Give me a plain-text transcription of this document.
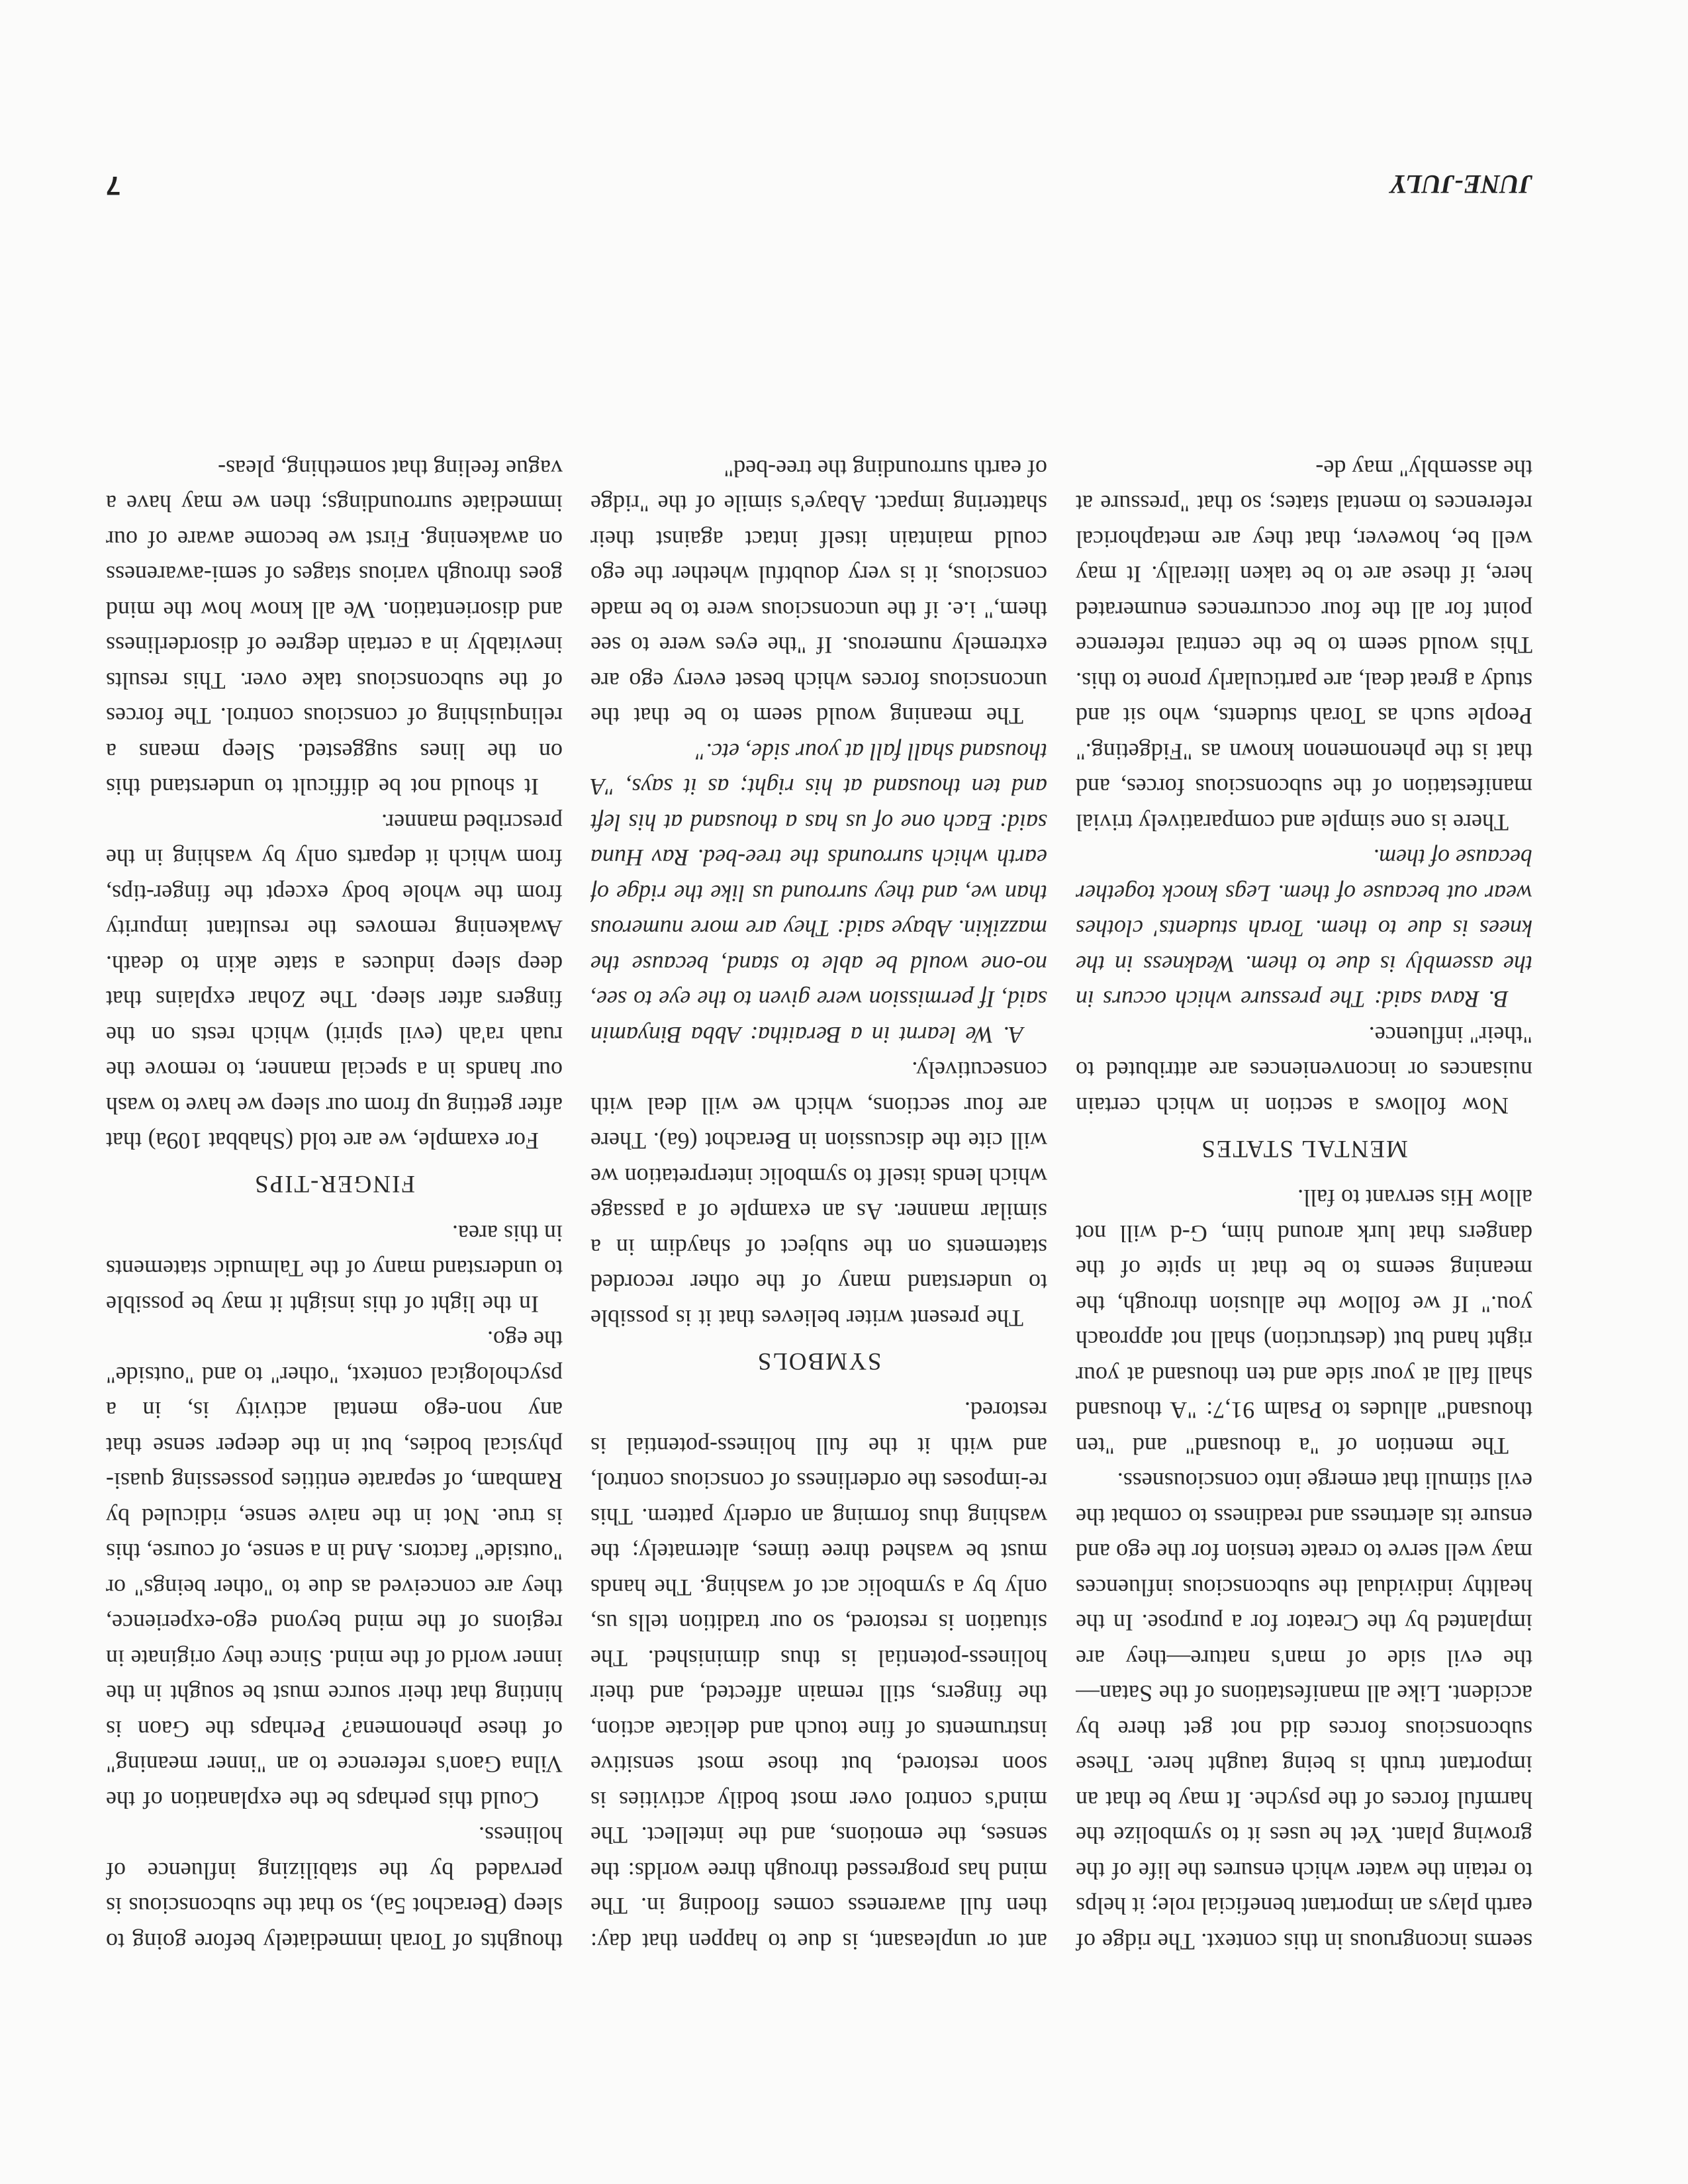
seems incongruous in this context. The ridge of earth plays an important beneficial role; it helps to retain the water which ensures the life of the growing plant. Yet he uses it to symbolize the harmful forces of the psyche. It may be that an important truth is being taught here. These subconscious forces did not get there by accident. Like all manifestations of the Satan—the evil side of man's nature—they are implanted by the Creator for a purpose. In the healthy individual the subconscious influences may well serve to create tension for the ego and ensure its alertness and readiness to combat the evil stimuli that emerge into consciousness.

The mention of "a thousand" and "ten thousand" alludes to Psalm 91,7: "A thousand shall fall at your side and ten thousand at your right hand but (destruction) shall not approach you." If we follow the allusion through, the meaning seems to be that in spite of the dangers that lurk around him, G-d will not allow His servant to fall.

MENTAL STATES

Now follows a section in which certain nuisances or inconveniences are attributed to "their" influence.

B. Rava said: The pressure which occurs in the assembly is due to them. Weakness in the knees is due to them. Torah students' clothes wear out because of them. Legs knock together because of them.

There is one simple and comparatively trivial manifestation of the subconscious forces, and that is the phenomenon known as "Fidgeting." People such as Torah students, who sit and study a great deal, are particularly prone to this. This would seem to be the central reference point for all the four occurrences enumerated here, if these are to be taken literally. It may well be, however, that they are metaphorical references to mental states; so that "pressure at the assembly" may de-

ant or unpleasant, is due to happen that day: then full awareness comes flooding in. The mind has progressed through three worlds: the senses, the emotions, and the intellect. The mind's control over most bodily activities is soon restored, but those most sensitive instruments of fine touch and delicate action, the fingers, still remain affected, and their holiness-potential is thus diminished. The situation is restored, so our tradition tells us, only by a symbolic act of washing. The hands must be washed three times, alternately; the washing thus forming an orderly pattern. This re-imposes the orderliness of conscious control, and with it the full holiness-potential is restored.

SYMBOLS

The present writer believes that it is possible to understand many of the other recorded statements on the subject of shaydim in a similar manner. As an example of a passage which lends itself to symbolic interpretation we will cite the discussion in Berachot (6a). There are four sections, which we will deal with consecutively.

A. We learnt in a Beraitha: Abba Binyamin said, If permission were given to the eye to see, no-one would be able to stand, because the mazzikin. Abaye said: They are more numerous than we, and they surround us like the ridge of earth which surrounds the tree-bed. Rav Huna said: Each one of us has a thousand at his left and ten thousand at his right; as it says, "A thousand shall fall at your side, etc."

The meaning would seem to be that the unconscious forces which beset every ego are extremely numerous. If "the eyes were to see them," i.e. if the unconscious were to be made conscious, it is very doubtful whether the ego could maintain itself intact against their shattering impact. Abaye's simile of the "ridge of earth surrounding the tree-bed"

thoughts of Torah immediately before going to sleep (Berachot 5a), so that the subconscious is pervaded by the stabilizing influence of holiness.

Could this perhaps be the explanation of the Vilna Gaon's reference to an "inner meaning" of these phenomena? Perhaps the Gaon is hinting that their source must be sought in the inner world of the mind. Since they originate in regions of the mind beyond ego-experience, they are conceived as due to "other beings" or "outside" factors. And in a sense, of course, this is true. Not in the naive sense, ridiculed by Rambam, of separate entities possessing quasi-physical bodies, but in the deeper sense that any non-ego mental activity is, in a psychological context, "other" to and "outside" the ego.

In the light of this insight it may be possible to understand many of the Talmudic statements in this area.

FINGER-TIPS

For example, we are told (Shabbat 109a) that after getting up from our sleep we have to wash our hands in a special manner, to remove the ruah ra'ah (evil spirit) which rests on the fingers after sleep. The Zohar explains that deep sleep induces a state akin to death. Awakening removes the resultant impurity from the whole body except the finger-tips, from which it departs only by washing in the prescribed manner.

It should not be difficult to understand this on the lines suggested. Sleep means a relinquishing of conscious control. The forces of the subconscious take over. This results inevitably in a certain degree of disorderliness and disorientation. We all know how the mind goes through various stages of semi-awareness on awakening. First we become aware of our immediate surroundings; then we may have a vague feeling that something, pleas-

JUNE-JULY
7
